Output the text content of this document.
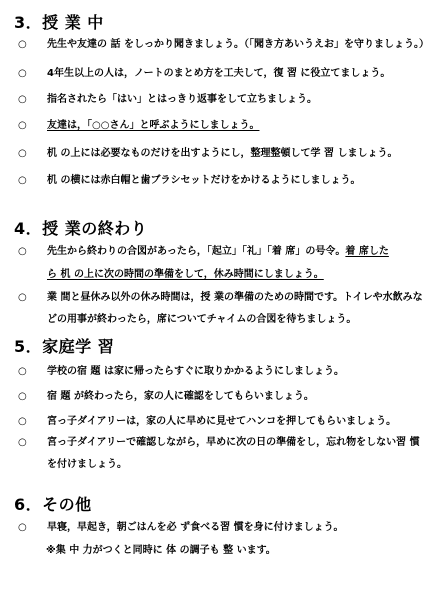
3．授 業 中
○ 先生や友達の 話 をしっかり聞きましょう。（「聞き方あいうえお」を守りましょう。）
○ 4年生以上の人は，ノートのまとめ方を工夫して，復 習 に役立てましょう。
○ 指名されたら「はい」とはっきり返事をして立ちましょう。
○ 友達は，「○○さん」と呼ぶようにしましょう。
○ 机 の上には必要なものだけを出すようにし，整理整頓して学 習 しましょう。
○ 机 の横には赤白帽と歯ブラシセットだけをかけるようにしましょう。
4．授 業の終わり
○ 先生から終わりの合図があったら，「起立」「礼」「着 席」の号令。着 席した
ら 机 の上に次の時間の準備をして，休み時間にしましょう。
○ 業 間と昼休み以外の休み時間は，授 業の準備のための時間です。トイレや水飲みなどの用事が終わったら，席についてチャイムの合図を待ちましょう。
5．家庭学 習
○ 学校の宿 題 は家に帰ったらすぐに取りかかるようにしましょう。
○ 宿 題 が終わったら，家の人に確認をしてもらいましょう。
○ 宮っ子ダイアリーは，家の人に早めに見せてハンコを押してもらいましょう。
○ 宮っ子ダイアリーで確認しながら，早めに次の日の準備をし，忘れ物をしない習 慣を付けましょう。
6．その他
○ 早寝，早起き，朝ごはんを必 ず食べる習 慣を身に付けましょう。
※集 中 力がつくと同時に 体 の調子も 整 います。
